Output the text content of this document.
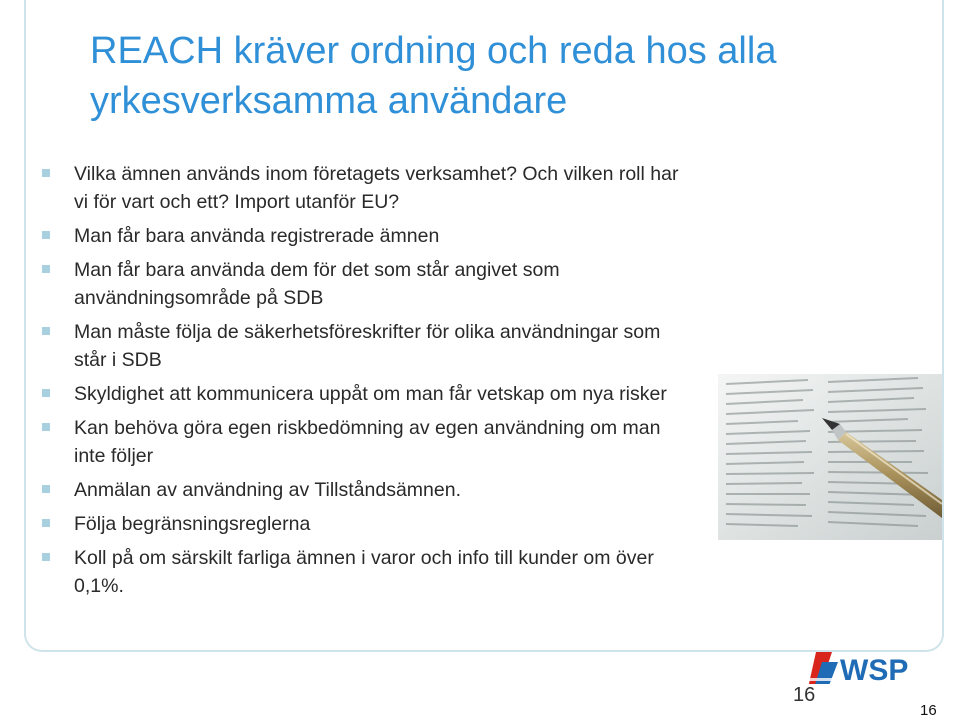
REACH kräver ordning och reda hos alla yrkesverksamma användare
Vilka ämnen används inom företagets verksamhet? Och vilken roll har vi för vart och ett? Import utanför EU?
Man får bara använda registrerade ämnen
Man får bara använda dem för det som står angivet som användningsområde på SDB
Man måste följa de säkerhetsföreskrifter för olika användningar som står i SDB
Skyldighet att kommunicera uppåt om man får vetskap om nya risker
Kan behöva göra egen riskbedömning av egen användning om man inte följer
Anmälan av användning av Tillståndsämnen.
Följa begränsningsreglerna
Koll på om särskilt farliga ämnen i varor och info till kunder om över 0,1%.
WSP
16
16
